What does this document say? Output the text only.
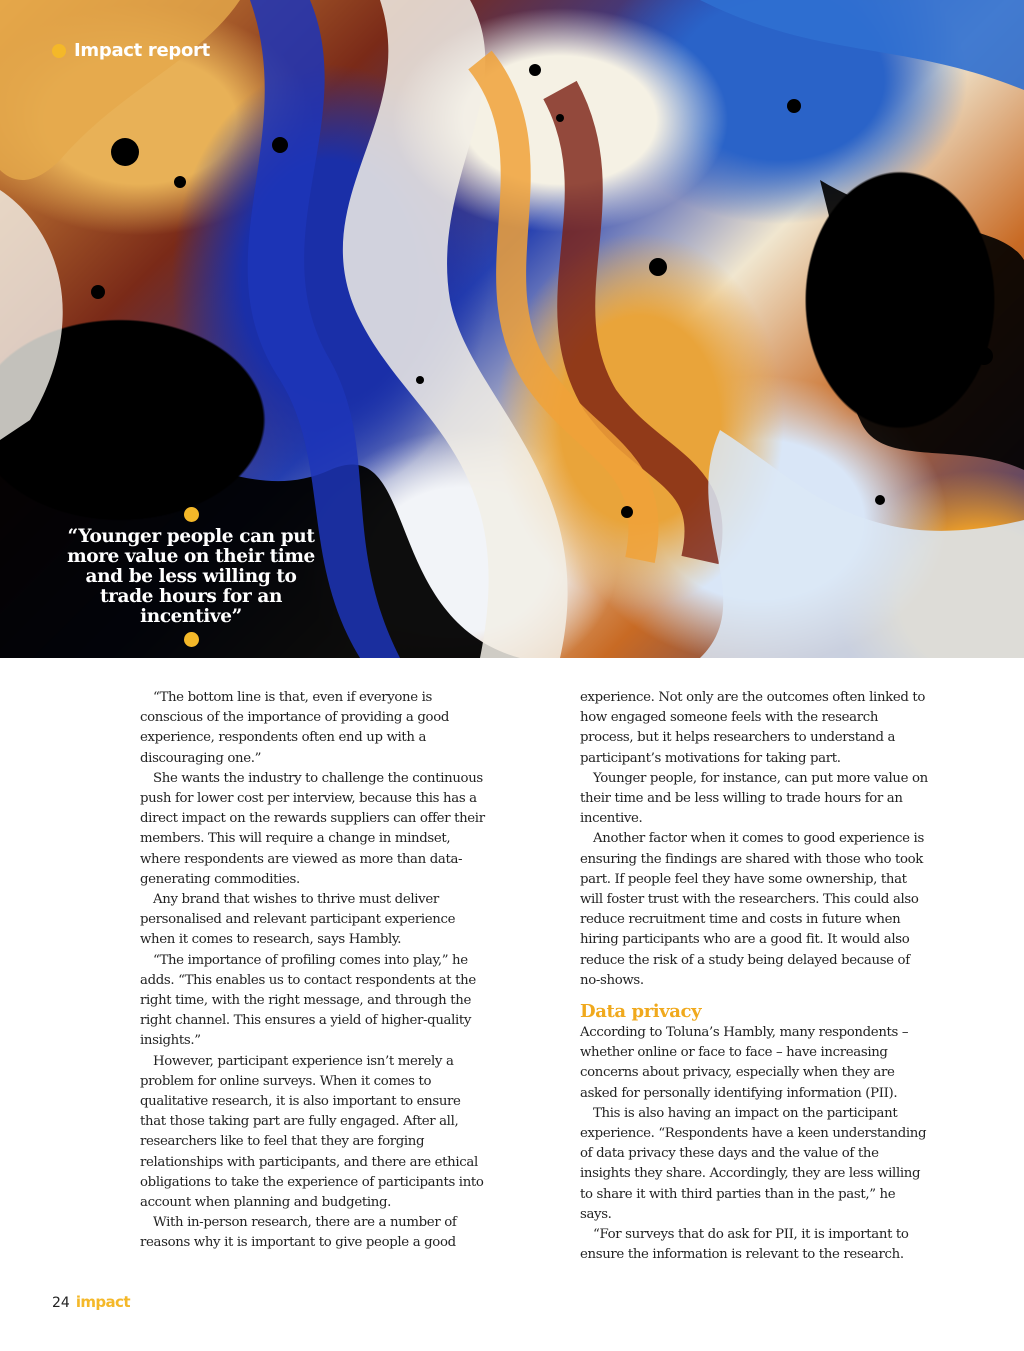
Impact report
“Younger people can put more value on their time and be less willing to trade hours for an incentive”

“The bottom line is that, even if everyone is conscious of the importance of providing a good experience, respondents often end up with a discouraging one.”

She wants the industry to challenge the continuous push for lower cost per interview, because this has a direct impact on the rewards suppliers can offer their members. This will require a change in mindset, where respondents are viewed as more than data-generating commodities.

Any brand that wishes to thrive must deliver personalised and relevant participant experience when it comes to research, says Hambly.

“The importance of profiling comes into play,” he adds. “This enables us to contact respondents at the right time, with the right message, and through the right channel. This ensures a yield of higher-quality insights.”

However, participant experience isn’t merely a problem for online surveys. When it comes to qualitative research, it is also important to ensure that those taking part are fully engaged. After all, researchers like to feel that they are forging relationships with participants, and there are ethical obligations to take the experience of participants into account when planning and budgeting.

With in-person research, there are a number of reasons why it is important to give people a good

experience. Not only are the outcomes often linked to how engaged someone feels with the research process, but it helps researchers to understand a participant’s motivations for taking part.

Younger people, for instance, can put more value on their time and be less willing to trade hours for an incentive.

Another factor when it comes to good experience is ensuring the findings are shared with those who took part. If people feel they have some ownership, that will foster trust with the researchers. This could also reduce recruitment time and costs in future when hiring participants who are a good fit. It would also reduce the risk of a study being delayed because of no-shows.

Data privacy

According to Toluna’s Hambly, many respondents – whether online or face to face – have increasing concerns about privacy, especially when they are asked for personally identifying information (PII).

This is also having an impact on the participant experience. “Respondents have a keen understanding of data privacy these days and the value of the insights they share. Accordingly, they are less willing to share it with third parties than in the past,” he says.

“For surveys that do ask for PII, it is important to ensure the information is relevant to the research.

24 impact
